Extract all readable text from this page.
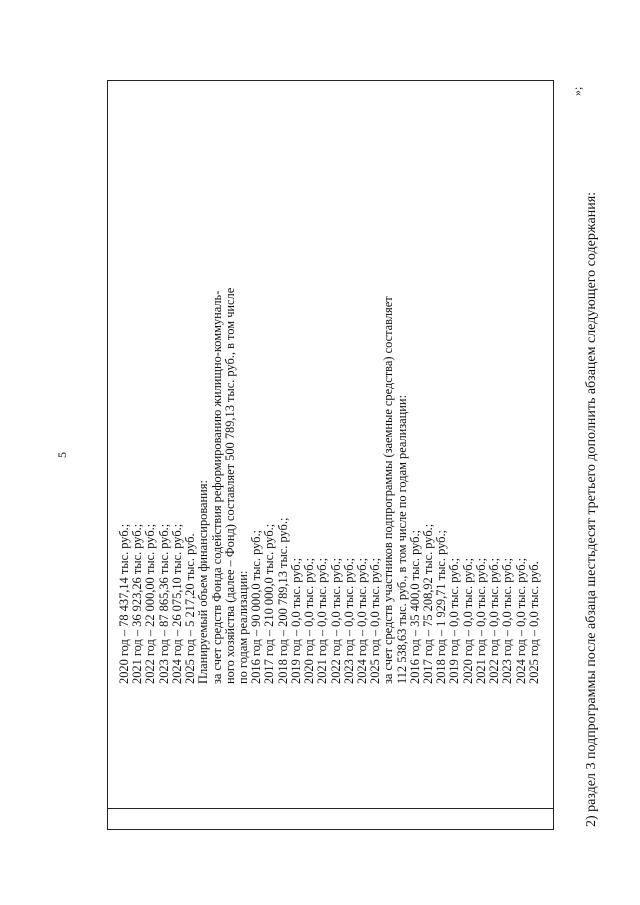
5
2020 год – 78 437,14 тыс. руб.; 2021 год – 36 923,26 тыс. руб.; 2022 год – 22 000,00 тыс. руб.; 2023 год – 87 865,36 тыс. руб.; 2024 год – 26 075,10 тыс. руб.; 2025 год – 5 217,20 тыс. руб. Планируемый объем финансирования: за счет средств Фонда содействия реформированию жилищно-коммуналь- ного хозяйства (далее – Фонд) составляет 500 789,13 тыс. руб., в том числе по годам реализации: 2016 год – 90 000,0 тыс. руб.; 2017 год – 210 000,0 тыс. руб.; 2018 год – 200 789,13 тыс. руб.; 2019 год – 0,0 тыс. руб.; 2020 год – 0,0 тыс. руб.; 2021 год – 0,0 тыс. руб.; 2022 год – 0,0 тыс. руб.; 2023 год – 0,0 тыс. руб.; 2024 год – 0,0 тыс. руб.; 2025 год – 0,0 тыс. руб.; за счет средств участников подпрограммы (заемные средства) составляет 112 538,63 тыс. руб., в том числе по годам реализации: 2016 год – 35 400,0 тыс. руб.; 2017 год – 75 208,92 тыс. руб.; 2018 год – 1 929,71 тыс. руб.; 2019 год – 0,0 тыс. руб.; 2020 год – 0,0 тыс. руб.; 2021 год – 0,0 тыс. руб.; 2022 год – 0,0 тыс. руб.; 2023 год – 0,0 тыс. руб.; 2024 год – 0,0 тыс. руб.; 2025 год – 0,0 тыс. руб.
»;
2) раздел 3 подпрограммы после абзаца шестьдесят третьего дополнить абзацем следующего содержания:
